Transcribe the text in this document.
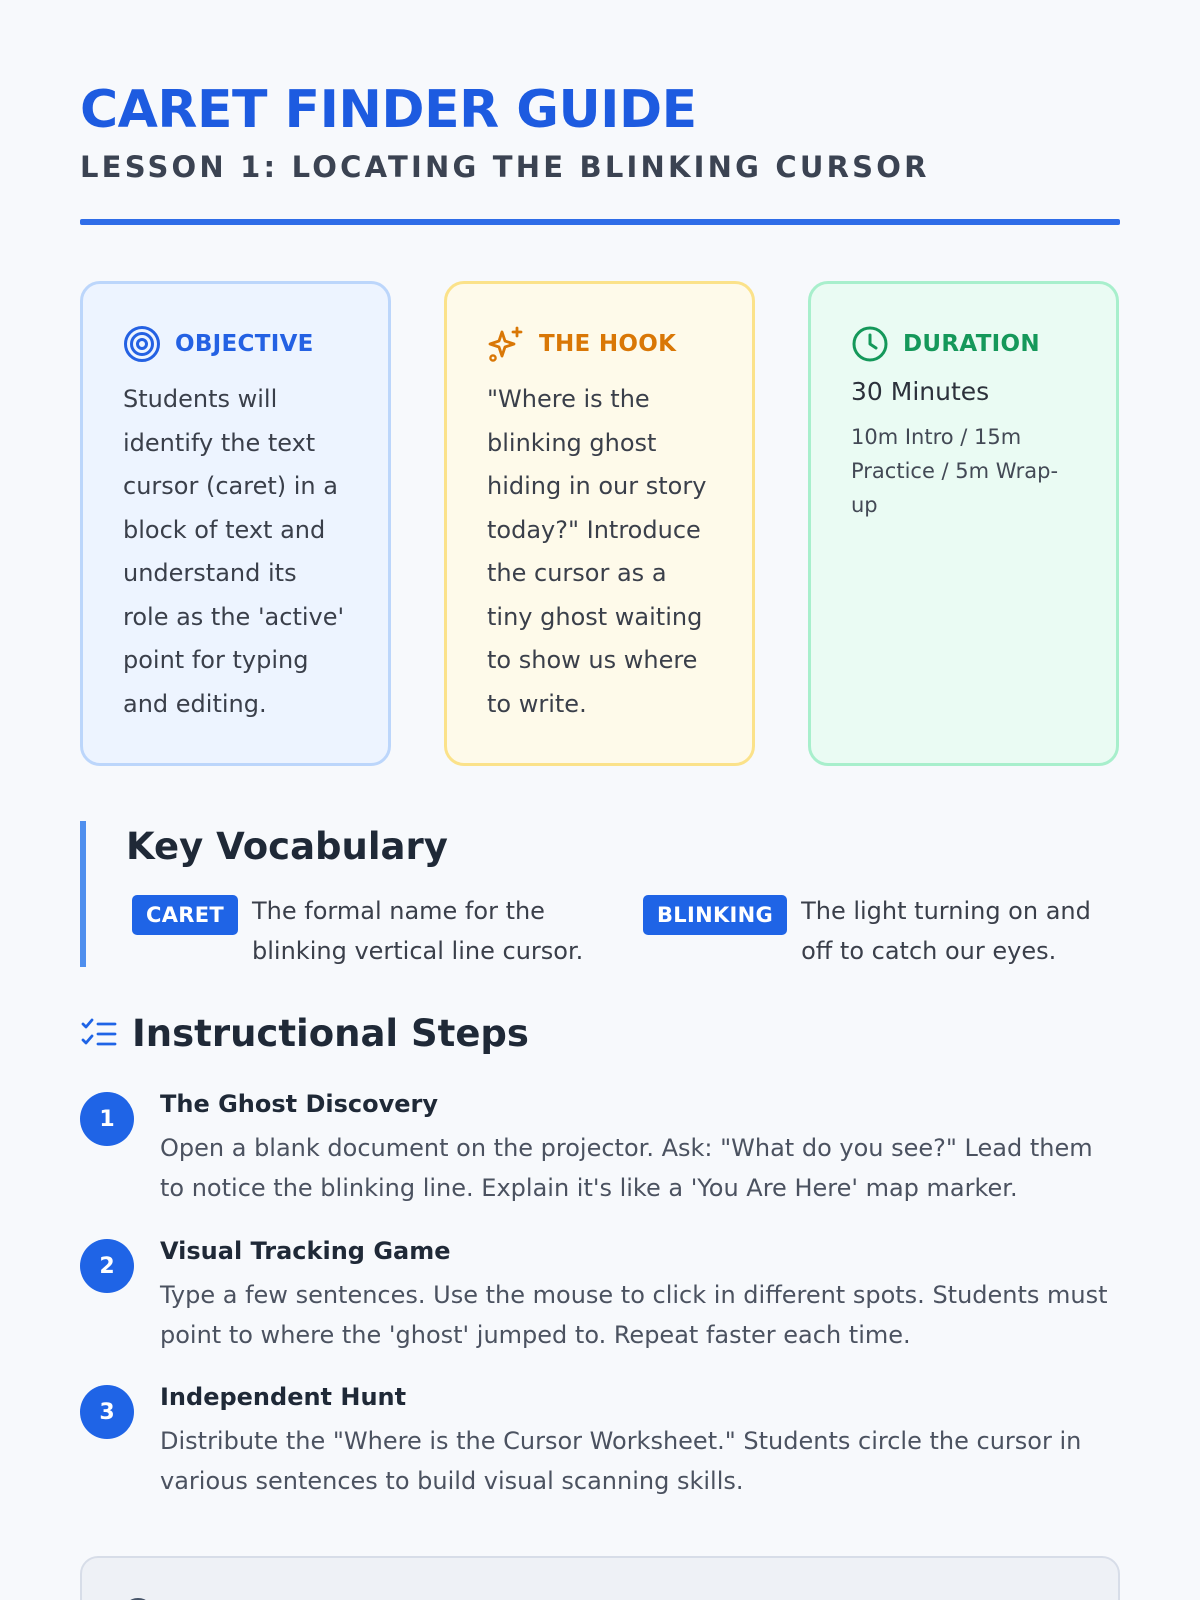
CARET FINDER GUIDE
LESSON 1: LOCATING THE BLINKING CURSOR
OBJECTIVE
Students will identify the text cursor (caret) in a block of text and understand its role as the 'active' point for typing and editing.
THE HOOK
"Where is the blinking ghost hiding in our story today?" Introduce the cursor as a tiny ghost waiting to show us where to write.
DURATION
30 Minutes
10m Intro / 15m Practice / 5m Wrap-up
Key Vocabulary
CARET	The formal name for the blinking vertical line cursor.
BLINKING	The light turning on and off to catch our eyes.
Instructional Steps
1
The Ghost Discovery
Open a blank document on the projector. Ask: "What do you see?" Lead them to notice the blinking line. Explain it's like a 'You Are Here' map marker.
2
Visual Tracking Game
Type a few sentences. Use the mouse to click in different spots. Students must point to where the 'ghost' jumped to. Repeat faster each time.
3
Independent Hunt
Distribute the "Where is the Cursor Worksheet." Students circle the cursor in various sentences to build visual scanning skills.
